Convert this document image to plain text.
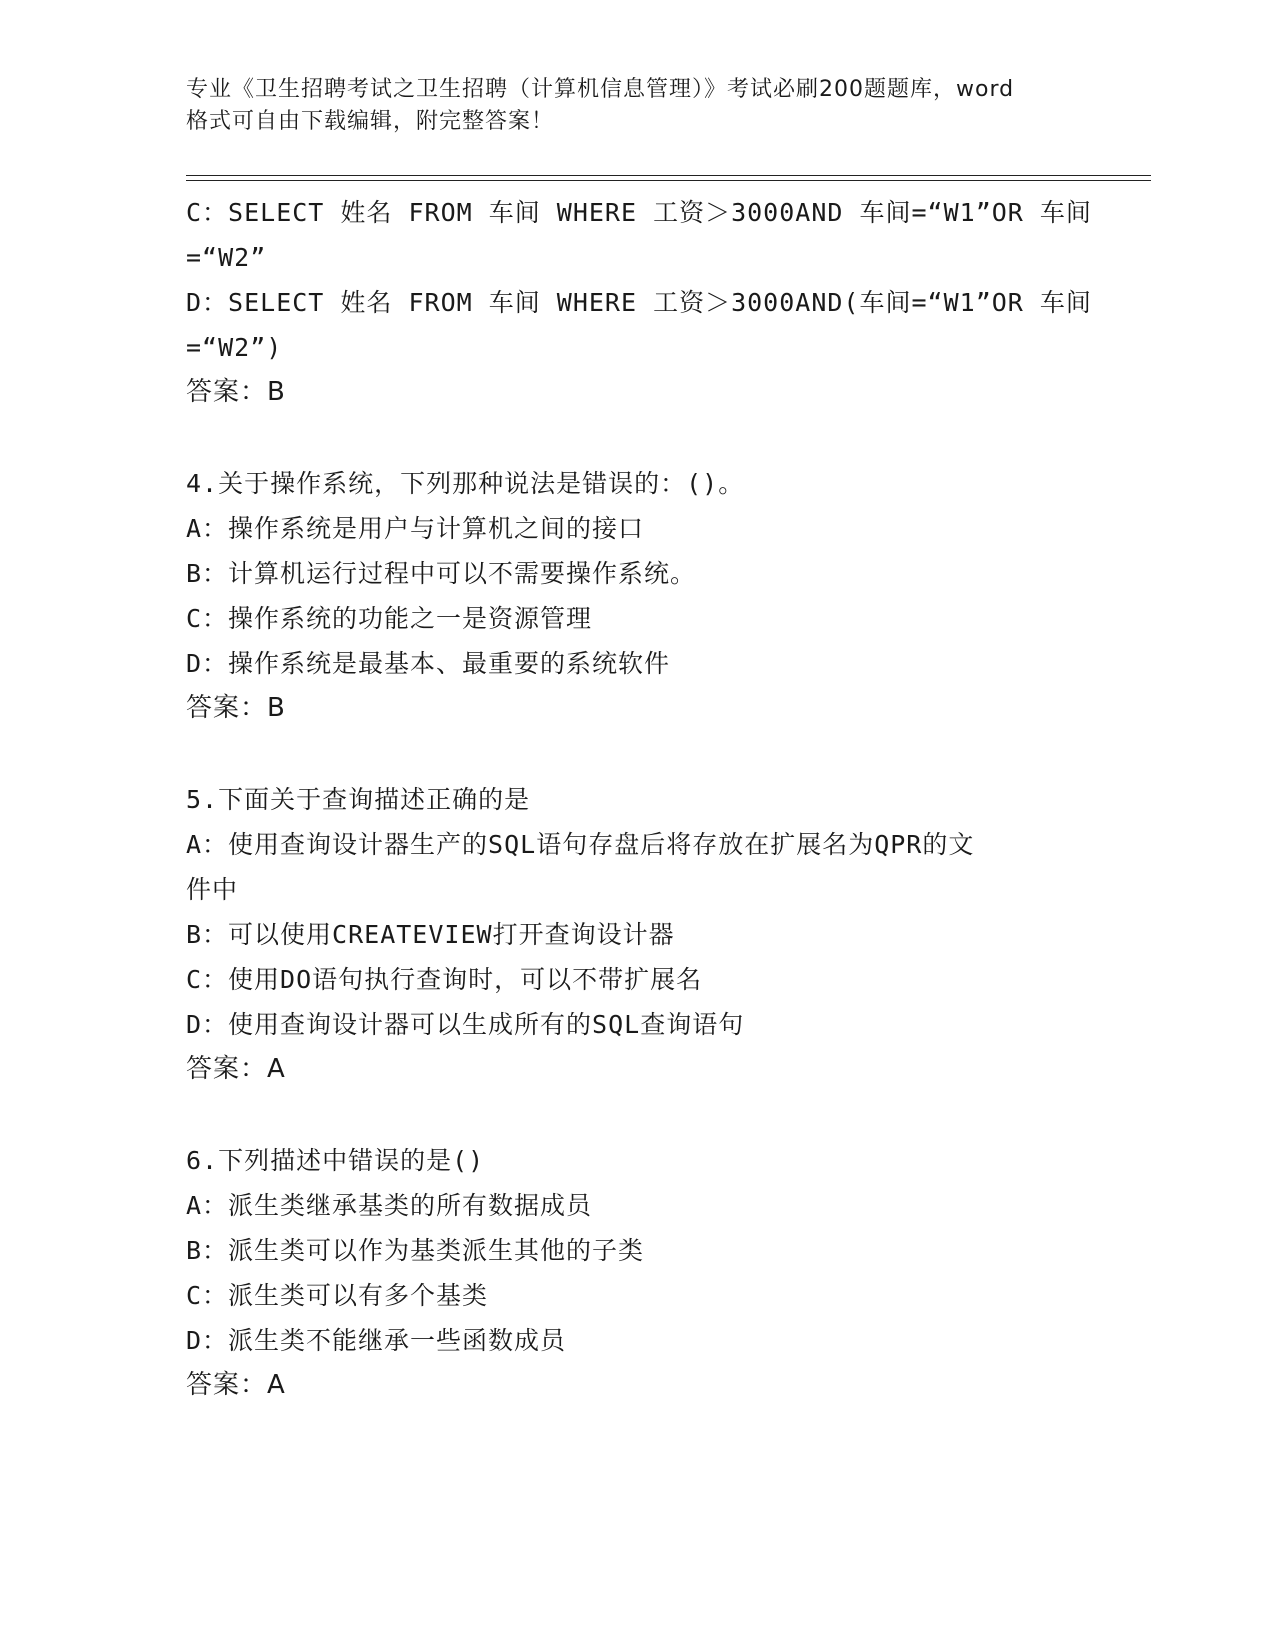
专业《卫生招聘考试之卫生招聘（计算机信息管理）》考试必刷200题题库，word
格式可自由下载编辑，附完整答案！
C：SELECT 姓名 FROM 车间 WHERE 工资＞3000AND 车间=“W1”OR 车间
=“W2”
D：SELECT 姓名 FROM 车间 WHERE 工资＞3000AND(车间=“W1”OR 车间
=“W2”)
答案：B
4.关于操作系统，下列那种说法是错误的：()。
A：操作系统是用户与计算机之间的接口
B：计算机运行过程中可以不需要操作系统。
C：操作系统的功能之一是资源管理
D：操作系统是最基本、最重要的系统软件
答案：B
5.下面关于查询描述正确的是
A：使用查询设计器生产的SQL语句存盘后将存放在扩展名为QPR的文
件中
B：可以使用CREATEVIEW打开查询设计器
C：使用DO语句执行查询时，可以不带扩展名
D：使用查询设计器可以生成所有的SQL查询语句
答案：A
6.下列描述中错误的是()
A：派生类继承基类的所有数据成员
B：派生类可以作为基类派生其他的子类
C：派生类可以有多个基类
D：派生类不能继承一些函数成员
答案：A
